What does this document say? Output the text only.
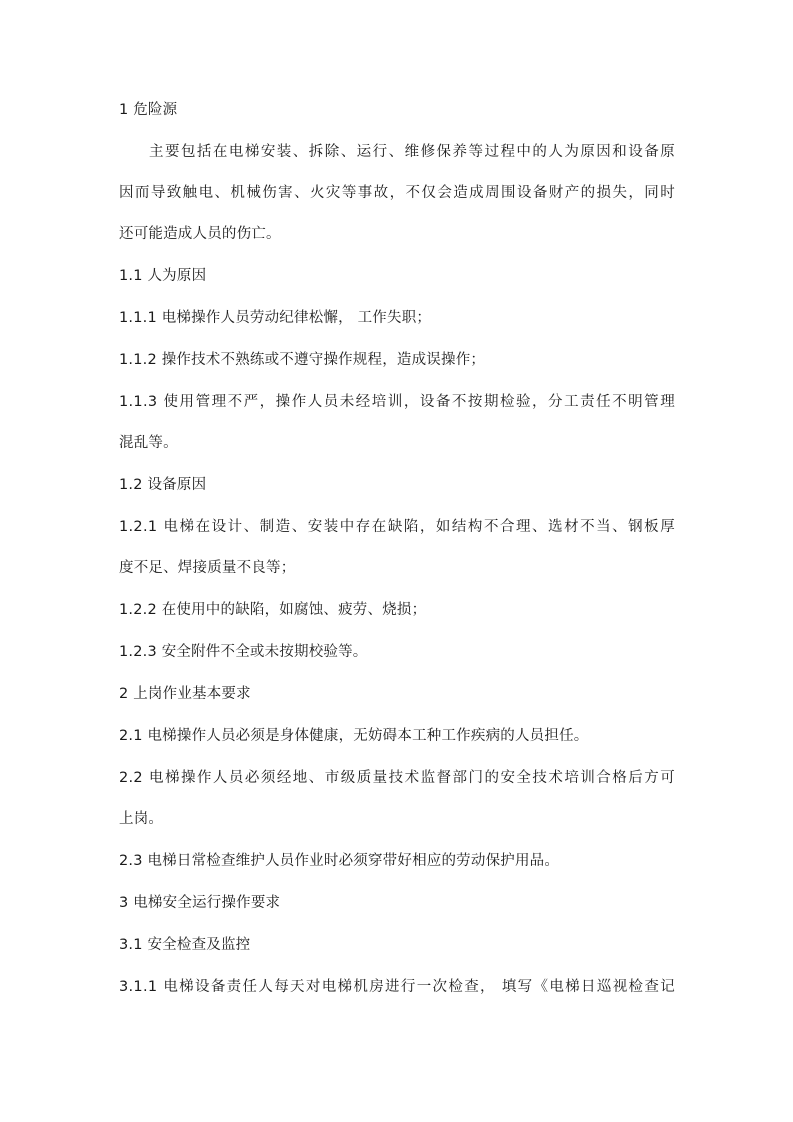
1 危险源

主要包括在电梯安装、拆除、运行、维修保养等过程中的人为原因和设备原

因而导致触电、机械伤害、火灾等事故，不仅会造成周围设备财产的损失，同时

还可能造成人员的伤亡。

1.1 人为原因

1.1.1 电梯操作人员劳动纪律松懈， 工作失职；

1.1.2 操作技术不熟练或不遵守操作规程，造成误操作；

1.1.3 使用管理不严，操作人员未经培训，设备不按期检验，分工责任不明管理

混乱等。

1.2 设备原因

1.2.1 电梯在设计、制造、安装中存在缺陷，如结构不合理、选材不当、钢板厚

度不足、焊接质量不良等；

1.2.2 在使用中的缺陷，如腐蚀、疲劳、烧损；

1.2.3 安全附件不全或未按期校验等。

2 上岗作业基本要求

2.1 电梯操作人员必须是身体健康，无妨碍本工种工作疾病的人员担任。

2.2 电梯操作人员必须经地、市级质量技术监督部门的安全技术培训合格后方可

上岗。

2.3 电梯日常检查维护人员作业时必须穿带好相应的劳动保护用品。

3 电梯安全运行操作要求

3.1 安全检查及监控

3.1.1 电梯设备责任人每天对电梯机房进行一次检查， 填写《电梯日巡视检查记
